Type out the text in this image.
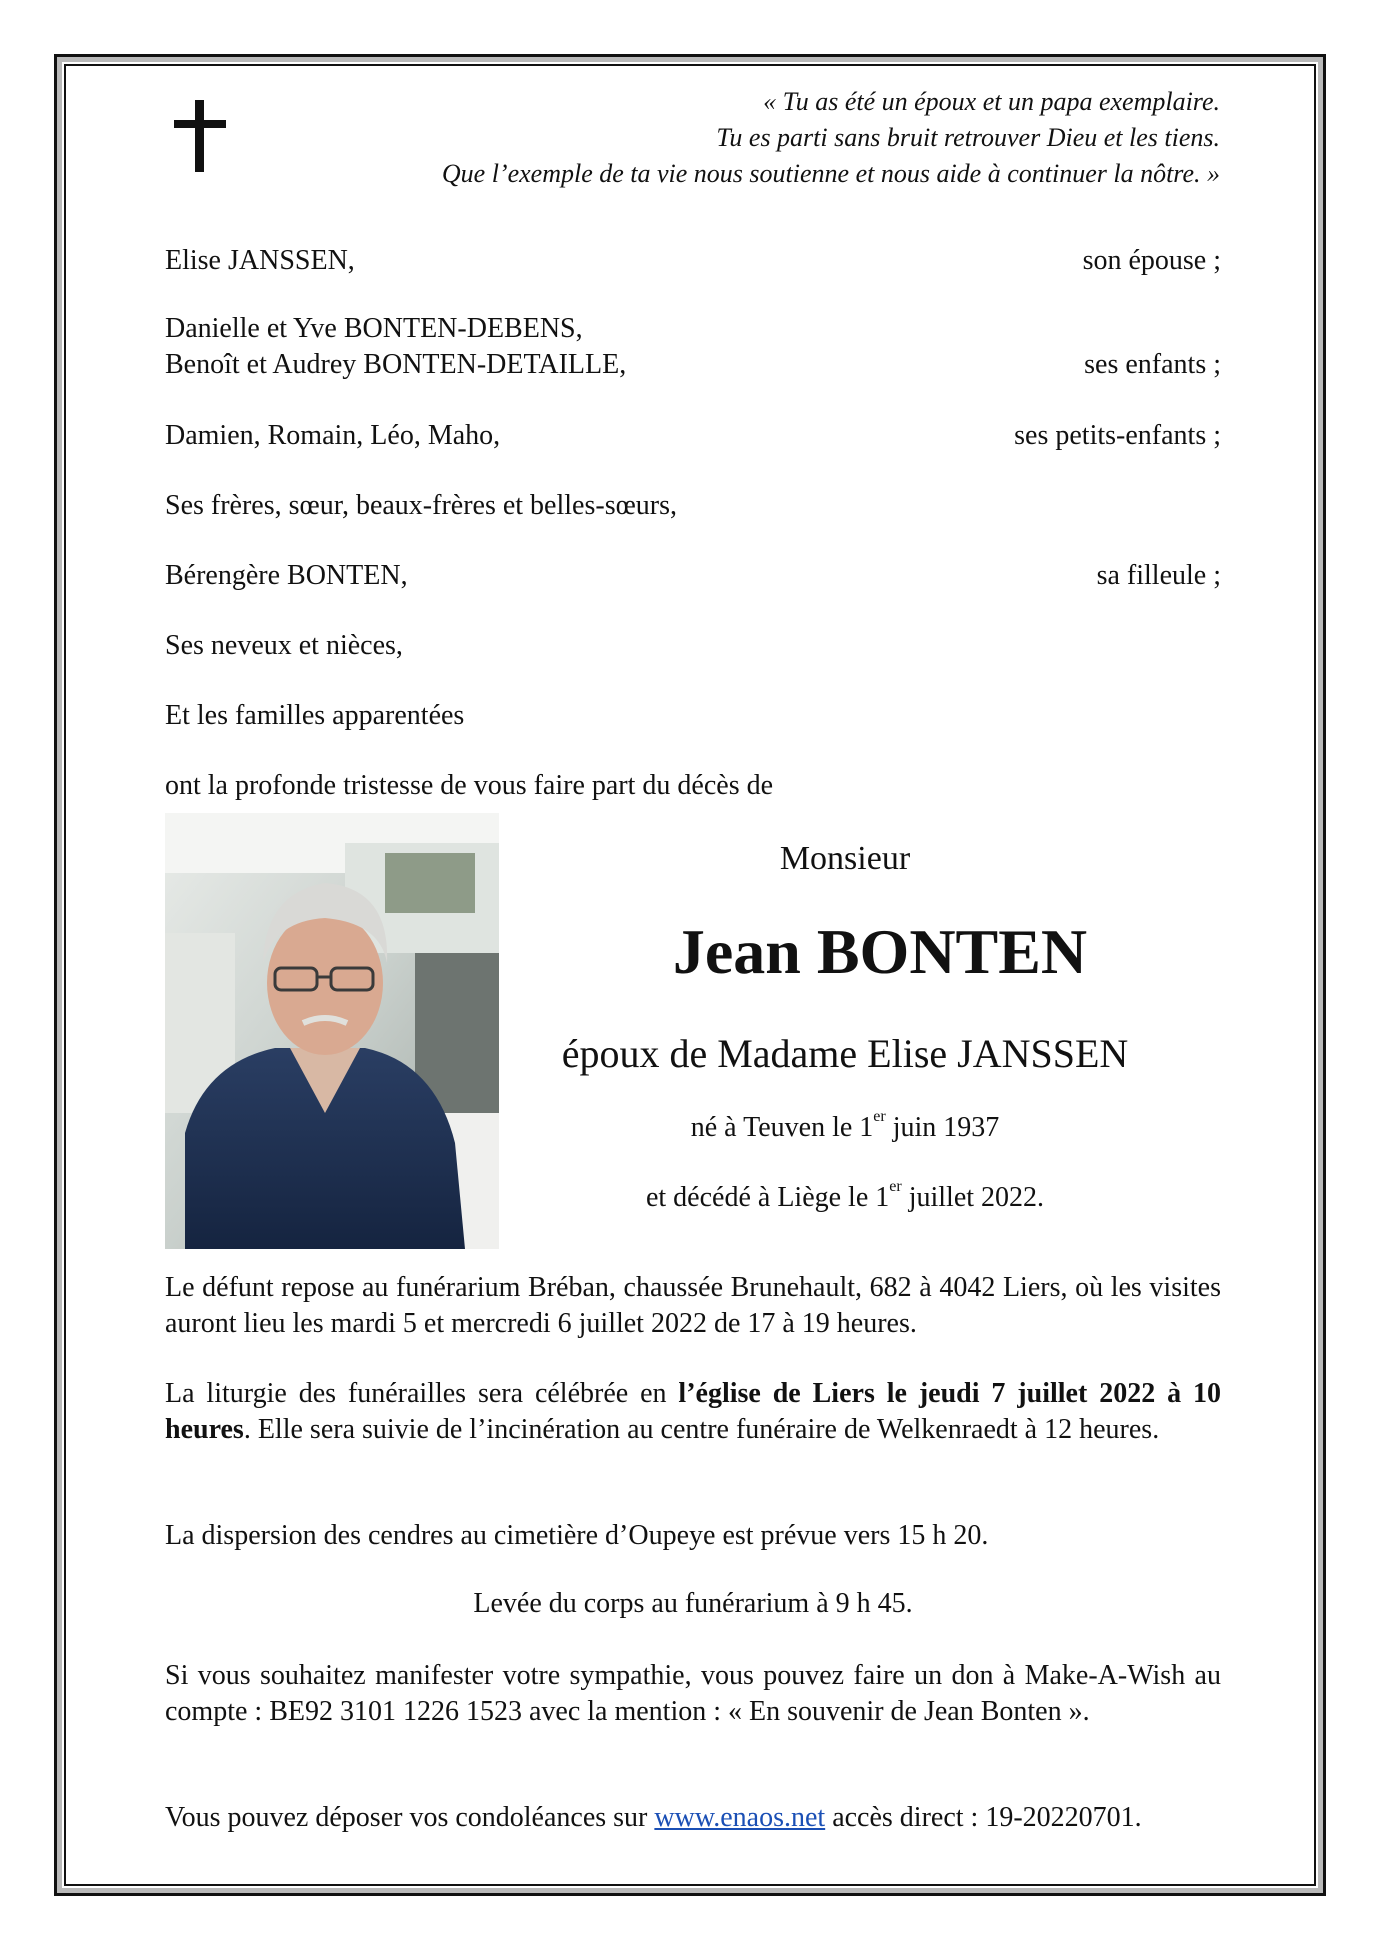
« Tu as été un époux et un papa exemplaire.
Tu es parti sans bruit retrouver Dieu et les tiens.
Que l’exemple de ta vie nous soutienne et nous aide à continuer la nôtre. »
Elise JANSSEN,	son épouse ;
Danielle et Yve BONTEN-DEBENS,
Benoît et Audrey BONTEN-DETAILLE,	ses enfants ;
Damien, Romain, Léo, Maho,	ses petits-enfants ;
Ses frères, sœur, beaux-frères et belles-sœurs,
Bérengère BONTEN,	sa filleule ;
Ses neveux et nièces,
Et les familles apparentées
ont la profonde tristesse de vous faire part du décès de
Monsieur
Jean BONTEN
époux de Madame Elise JANSSEN
né à Teuven le 1er juin 1937
et décédé à Liège le 1er juillet 2022.
Le défunt repose au funérarium Bréban, chaussée Brunehault, 682 à 4042 Liers, où les visites auront lieu les mardi 5 et mercredi 6 juillet 2022 de 17 à 19 heures.
La liturgie des funérailles sera célébrée en l’église de Liers le jeudi 7 juillet 2022 à 10 heures. Elle sera suivie de l’incinération au centre funéraire de Welkenraedt à 12 heures.
La dispersion des cendres au cimetière d’Oupeye est prévue vers 15 h 20.
Levée du corps au funérarium à 9 h 45.
Si vous souhaitez manifester votre sympathie, vous pouvez faire un don à Make-A-Wish au compte : BE92 3101 1226 1523 avec la mention : « En souvenir de Jean Bonten ».
Vous pouvez déposer vos condoléances sur www.enaos.net accès direct : 19-20220701.
